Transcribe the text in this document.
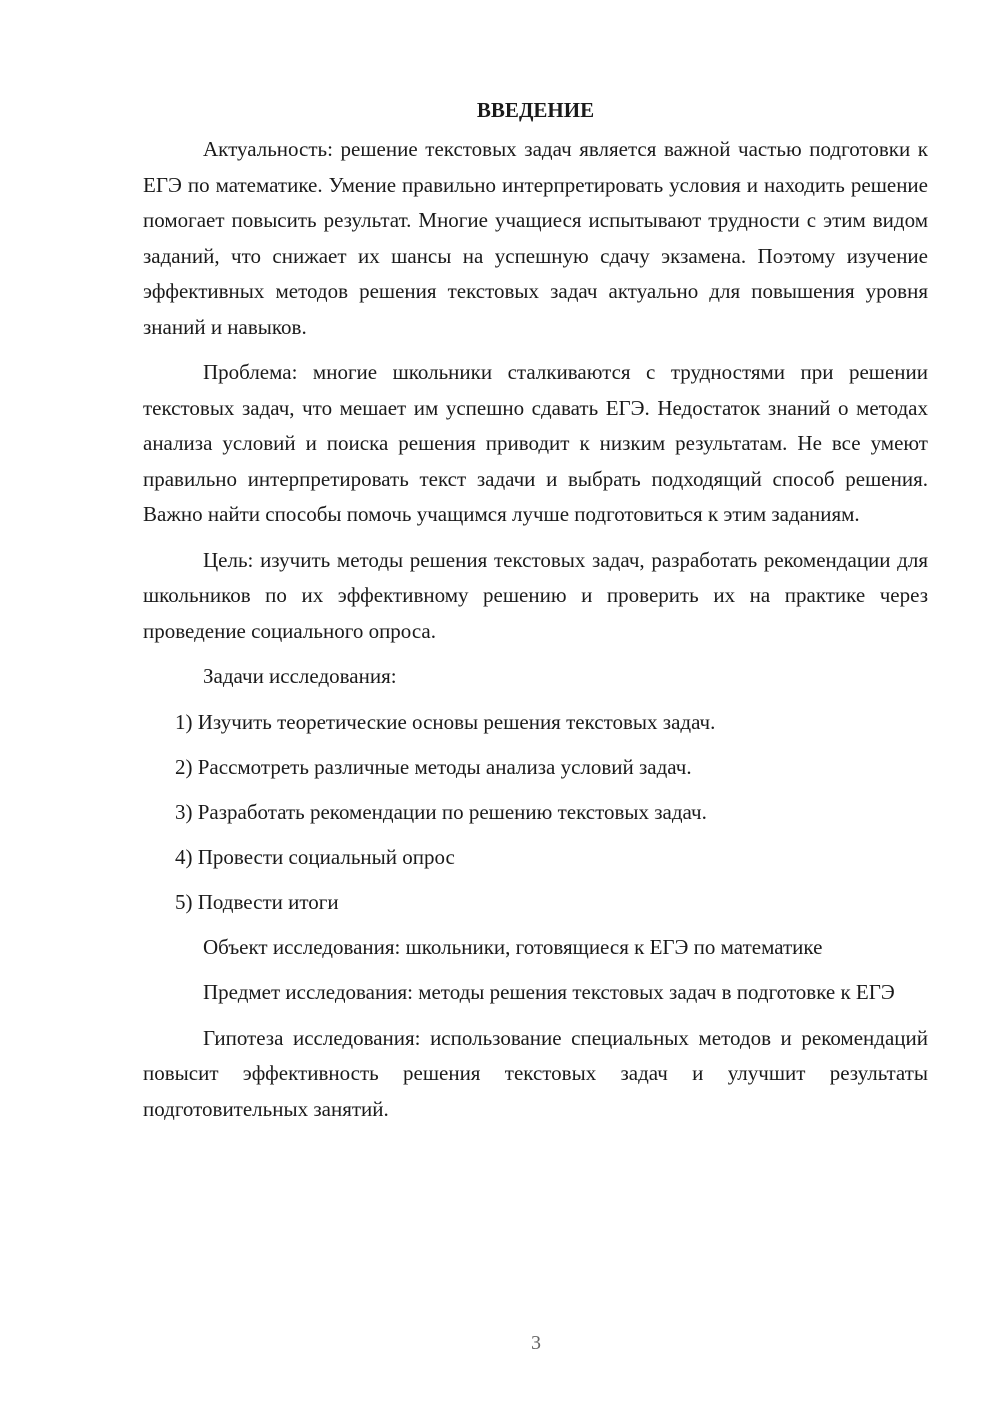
ВВЕДЕНИЕ

Актуальность: решение текстовых задач является важной частью подготовки к ЕГЭ по математике. Умение правильно интерпретировать условия и находить решение помогает повысить результат. Многие учащиеся испытывают трудности с этим видом заданий, что снижает их шансы на успешную сдачу экзамена. Поэтому изучение эффективных методов решения текстовых задач актуально для повышения уровня знаний и навыков.

Проблема: многие школьники сталкиваются с трудностями при решении текстовых задач, что мешает им успешно сдавать ЕГЭ. Недостаток знаний о методах анализа условий и поиска решения приводит к низким результатам. Не все умеют правильно интерпретировать текст задачи и выбрать подходящий способ решения. Важно найти способы помочь учащимся лучше подготовиться к этим заданиям.

Цель: изучить методы решения текстовых задач, разработать рекомендации для школьников по их эффективному решению и проверить их на практике через проведение социального опроса.

Задачи исследования:

1) Изучить теоретические основы решения текстовых задач.
2) Рассмотреть различные методы анализа условий задач.
3) Разработать рекомендации по решению текстовых задач.
4) Провести социальный опрос
5) Подвести итоги

Объект исследования: школьники, готовящиеся к ЕГЭ по математике

Предмет исследования: методы решения текстовых задач в подготовке к ЕГЭ

Гипотеза исследования: использование специальных методов и рекомендаций повысит эффективность решения текстовых задач и улучшит результаты подготовительных занятий.

3
